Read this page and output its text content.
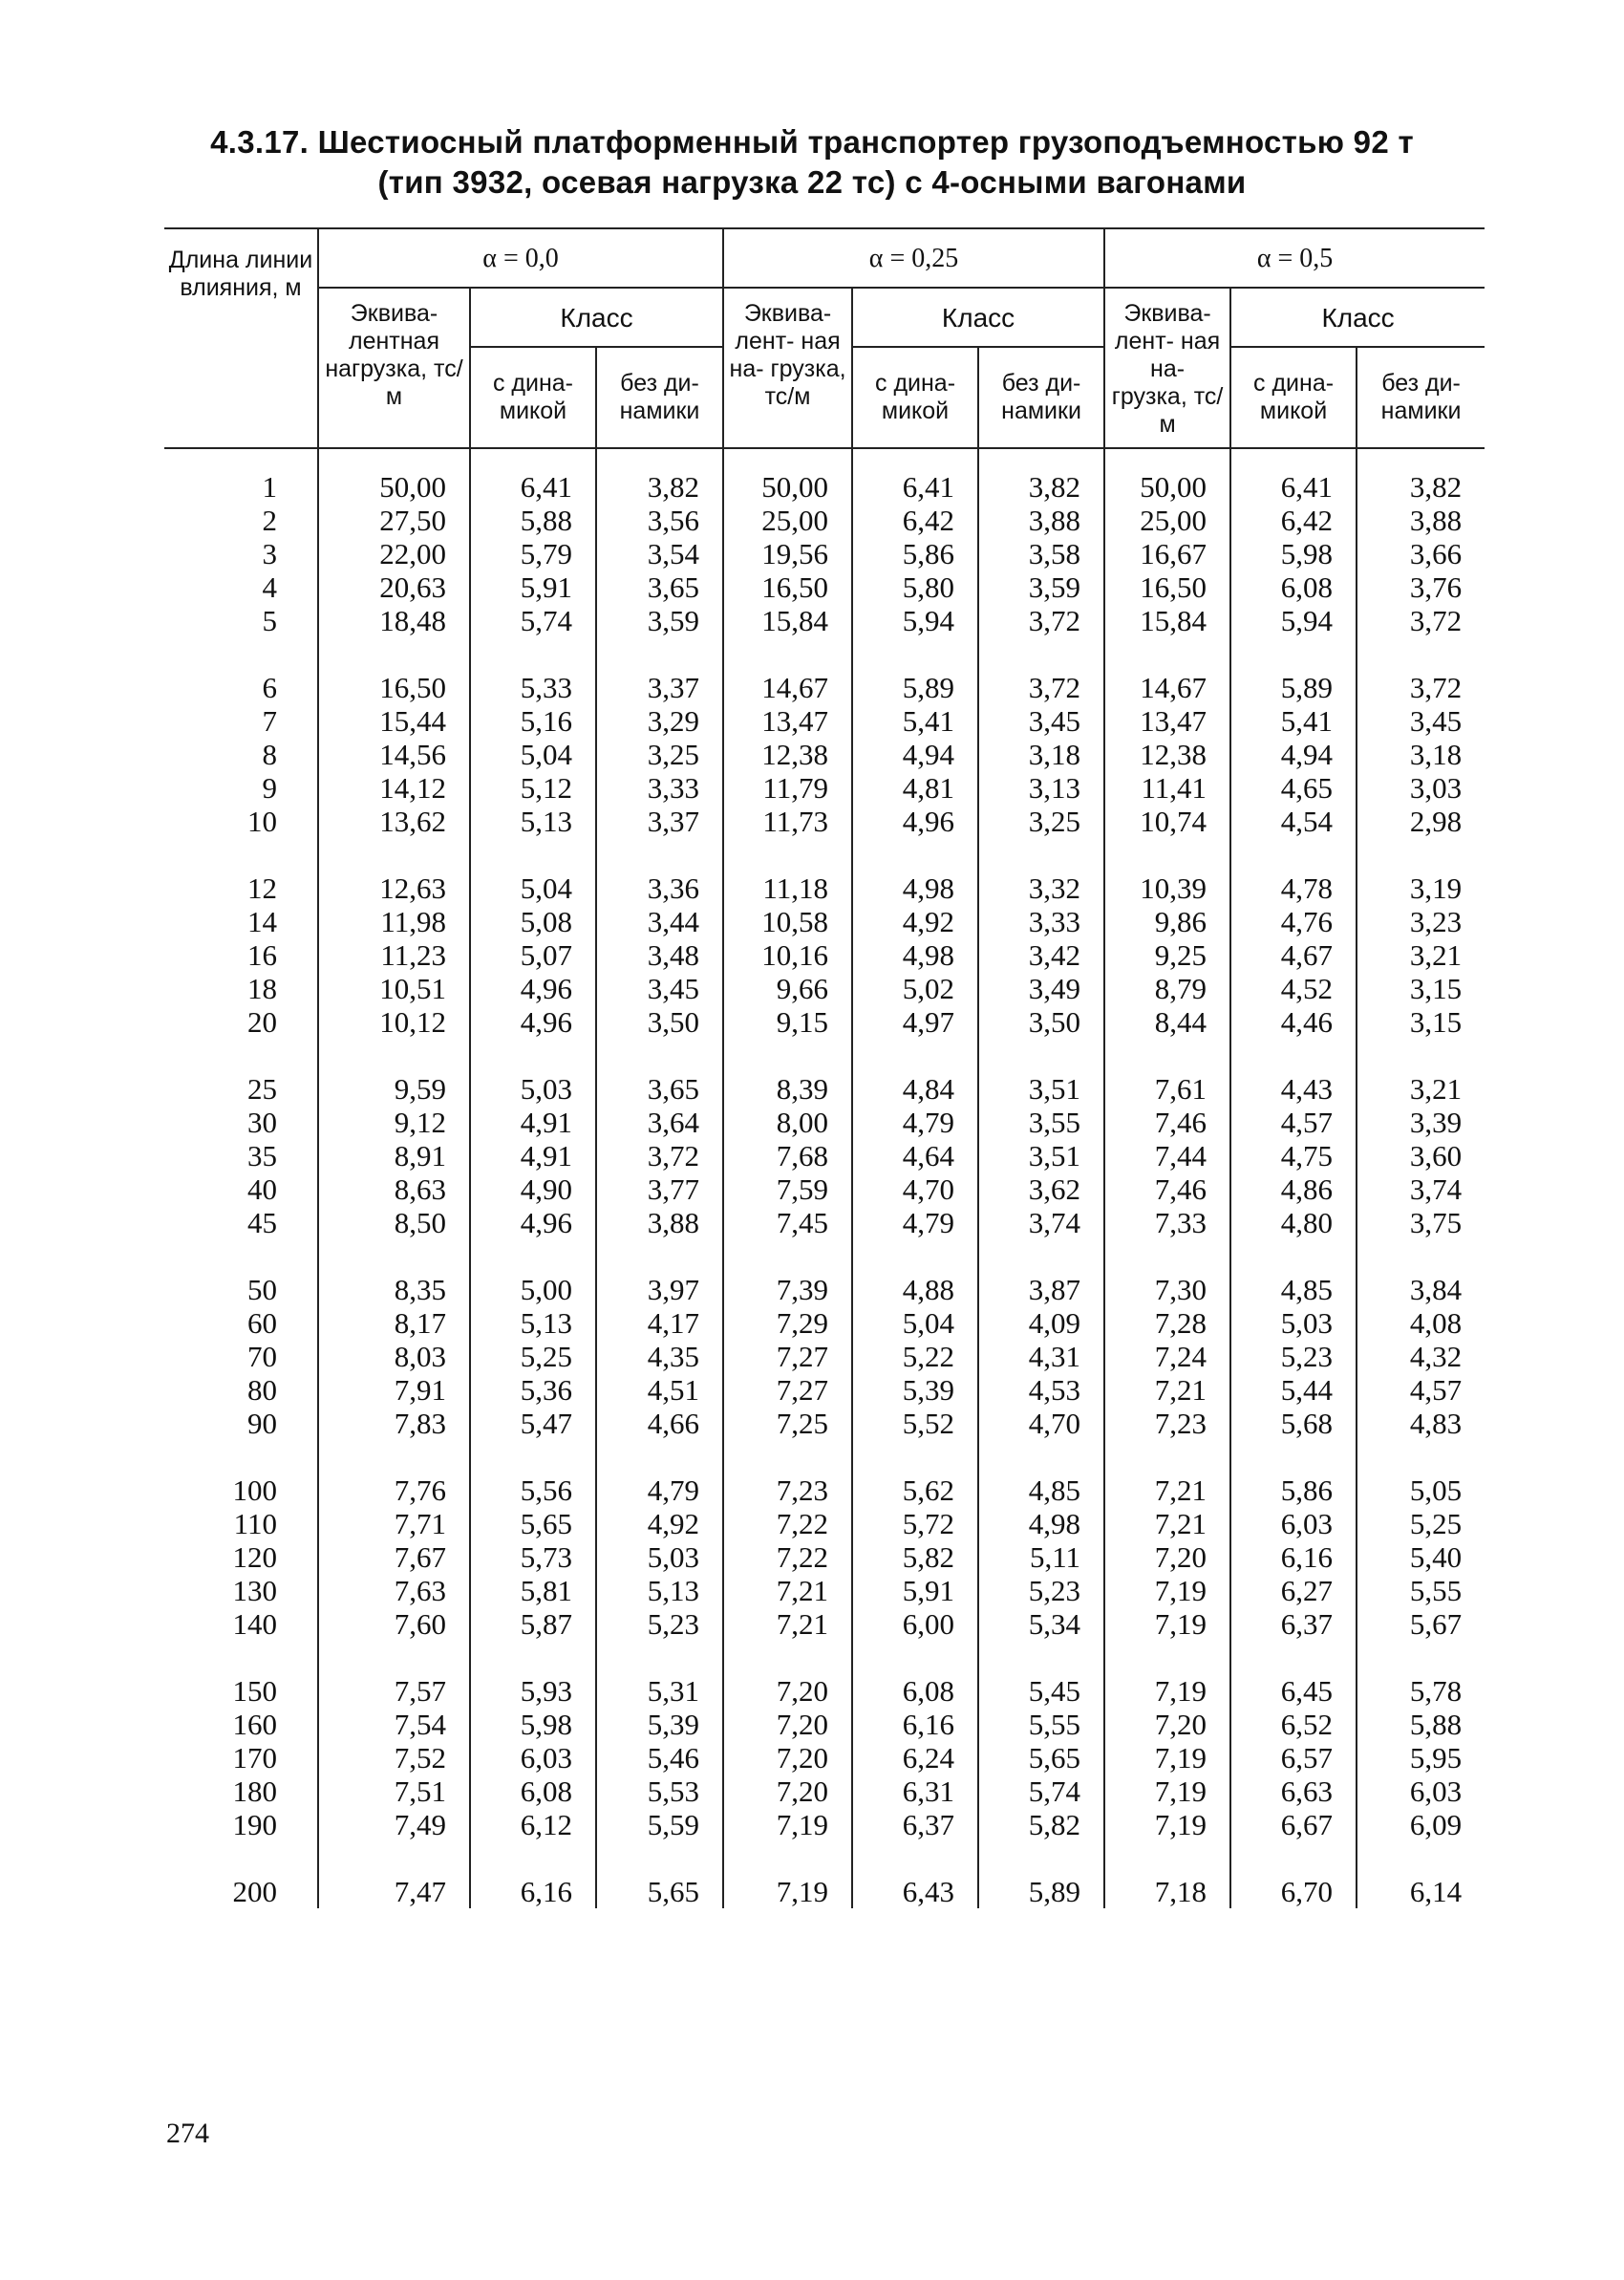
4.3.17. Шестиосный платформенный транспортер грузоподъемностью 92 т
(тип 3932, осевая нагрузка 22 тс) с 4-осными вагонами
Длина линии влияния, м	α = 0,0			α = 0,25			α = 0,5		
	Эквива- лентная нагрузка, тс/м	Класс		Эквива- лент- ная на- грузка, тс/м	Класс		Эквива- лент- ная на- грузка, тс/м	Класс	
		с дина- микой	без ди- намики		с дина- микой	без ди- намики		с дина- микой	без ди- намики

1	50,00	6,41	3,82	50,00	6,41	3,82	50,00	6,41	3,82
2	27,50	5,88	3,56	25,00	6,42	3,88	25,00	6,42	3,88
3	22,00	5,79	3,54	19,56	5,86	3,58	16,67	5,98	3,66
4	20,63	5,91	3,65	16,50	5,80	3,59	16,50	6,08	3,76
5	18,48	5,74	3,59	15,84	5,94	3,72	15,84	5,94	3,72

6	16,50	5,33	3,37	14,67	5,89	3,72	14,67	5,89	3,72
7	15,44	5,16	3,29	13,47	5,41	3,45	13,47	5,41	3,45
8	14,56	5,04	3,25	12,38	4,94	3,18	12,38	4,94	3,18
9	14,12	5,12	3,33	11,79	4,81	3,13	11,41	4,65	3,03
10	13,62	5,13	3,37	11,73	4,96	3,25	10,74	4,54	2,98

12	12,63	5,04	3,36	11,18	4,98	3,32	10,39	4,78	3,19
14	11,98	5,08	3,44	10,58	4,92	3,33	9,86	4,76	3,23
16	11,23	5,07	3,48	10,16	4,98	3,42	9,25	4,67	3,21
18	10,51	4,96	3,45	9,66	5,02	3,49	8,79	4,52	3,15
20	10,12	4,96	3,50	9,15	4,97	3,50	8,44	4,46	3,15

25	9,59	5,03	3,65	8,39	4,84	3,51	7,61	4,43	3,21
30	9,12	4,91	3,64	8,00	4,79	3,55	7,46	4,57	3,39
35	8,91	4,91	3,72	7,68	4,64	3,51	7,44	4,75	3,60
40	8,63	4,90	3,77	7,59	4,70	3,62	7,46	4,86	3,74
45	8,50	4,96	3,88	7,45	4,79	3,74	7,33	4,80	3,75

50	8,35	5,00	3,97	7,39	4,88	3,87	7,30	4,85	3,84
60	8,17	5,13	4,17	7,29	5,04	4,09	7,28	5,03	4,08
70	8,03	5,25	4,35	7,27	5,22	4,31	7,24	5,23	4,32
80	7,91	5,36	4,51	7,27	5,39	4,53	7,21	5,44	4,57
90	7,83	5,47	4,66	7,25	5,52	4,70	7,23	5,68	4,83

100	7,76	5,56	4,79	7,23	5,62	4,85	7,21	5,86	5,05
110	7,71	5,65	4,92	7,22	5,72	4,98	7,21	6,03	5,25
120	7,67	5,73	5,03	7,22	5,82	5,11	7,20	6,16	5,40
130	7,63	5,81	5,13	7,21	5,91	5,23	7,19	6,27	5,55
140	7,60	5,87	5,23	7,21	6,00	5,34	7,19	6,37	5,67

150	7,57	5,93	5,31	7,20	6,08	5,45	7,19	6,45	5,78
160	7,54	5,98	5,39	7,20	6,16	5,55	7,20	6,52	5,88
170	7,52	6,03	5,46	7,20	6,24	5,65	7,19	6,57	5,95
180	7,51	6,08	5,53	7,20	6,31	5,74	7,19	6,63	6,03
190	7,49	6,12	5,59	7,19	6,37	5,82	7,19	6,67	6,09

200	7,47	6,16	5,65	7,19	6,43	5,89	7,18	6,70	6,14
274
